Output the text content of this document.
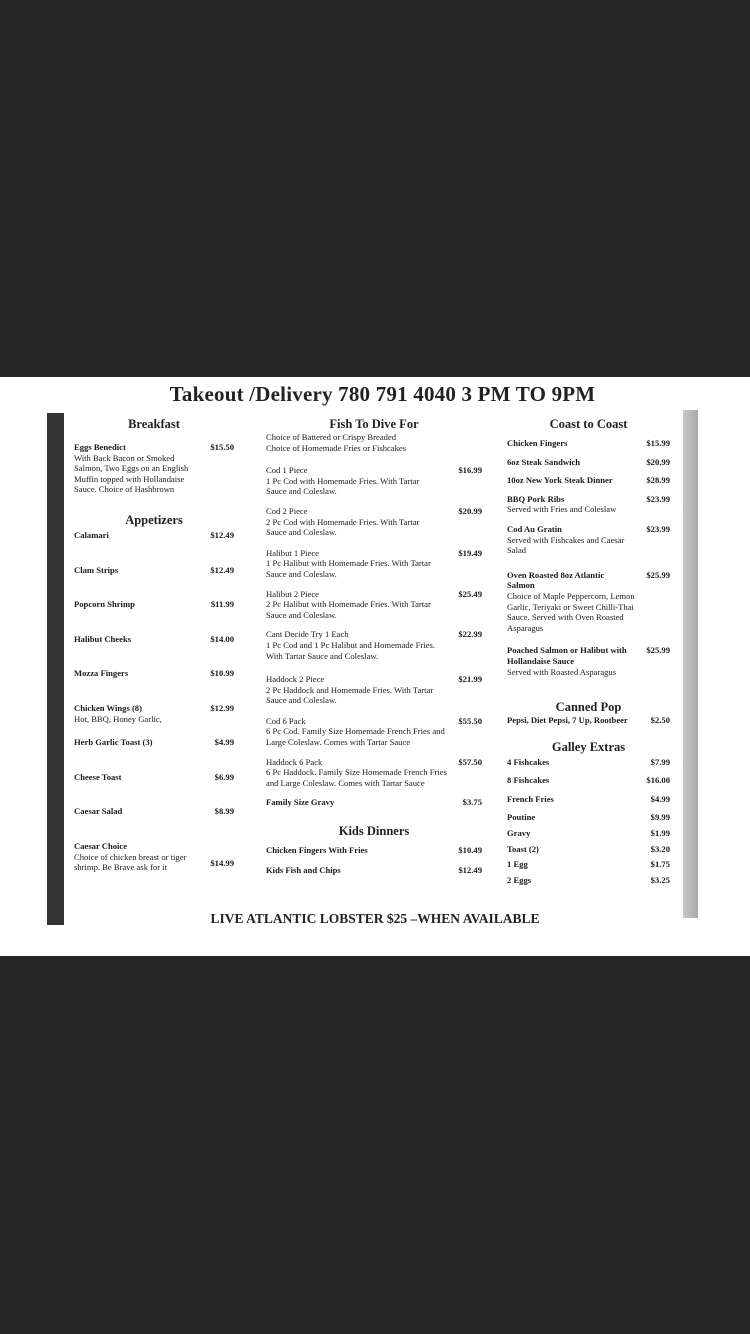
Takeout /Delivery 780 791 4040 3 PM TO 9PM
Breakfast
Eggs Benedict	$15.50
With Back Bacon or Smoked Salmon, Two Eggs on an English Muffin topped with Hollandaise Sauce. Choice of Hashbrown
Appetizers
Calamari	$12.49
Clam Strips	$12.49
Popcorn Shrimp	$11.99
Halibut Cheeks	$14.00
Mozza Fingers	$10.99
Chicken Wings (8)	$12.99
Hot, BBQ, Honey Garlic,
Herb Garlic Toast (3)	$4.99
Cheese Toast	$6.99
Caesar Salad	$8.99
Caesar Choice
$14.99
Choice of chicken breast or tiger shrimp. Be Brave ask for it
Fish To Dive For
Choice of Battered or Crispy Breaded
Choice of Homemade Fries or Fishcakes
Cod 1 Piece	$16.99
1 Pc Cod with Homemade Fries. With Tartar Sauce and Coleslaw.
Cod 2 Piece	$20.99
2 Pc Cod with Homemade Fries. With Tartar Sauce and Coleslaw.
Halibut 1 Piece	$19.49
1 Pc Halibut with Homemade Fries. With Tartar Sauce and Coleslaw.
Halibut 2 Piece	$25.49
2 Pc Halibut with Homemade Fries. With Tartar Sauce and Coleslaw.
Cant Decide Try 1 Each	$22.99
1 Pc Cod and 1 Pc Halibut and Homemade Fries. With Tartar Sauce and Coleslaw.
Haddock 2 Piece	$21.99
2 Pc Haddock and Homemade Fries. With Tartar Sauce and Coleslaw.
Cod 6 Pack	$55.50
6 Pc Cod. Family Size Homemade French Fries and Large Coleslaw. Comes with Tartar Sauce
Haddock 6 Pack	$57.50
6 Pc Haddock. Family Size Homemade French Fries and Large Coleslaw. Comes with Tartar Sauce
Family Size Gravy	$3.75
Kids Dinners
Chicken Fingers With Fries	$10.49
Kids Fish and Chips	$12.49
Coast to Coast
Chicken Fingers	$15.99
6oz Steak Sandwich	$20.99
10oz New York Steak Dinner	$28.99
BBQ Pork Ribs	$23.99
Served with Fries and Coleslaw
Cod Au Gratin	$23.99
Served with Fishcakes and Caesar Salad
Oven Roasted 8oz Atlantic Salmon
$25.99
Choice of Maple Peppercorn, Lemon Garlic, Teriyaki or Sweet Chilli-Thai Sauce. Served with Oven Roasted Asparagus
Poached Salmon or Halibut with Hollandaise Sauce
$25.99
Served with Roasted Asparagus
Canned Pop
Pepsi, Diet Pepsi, 7 Up, Rootbeer	$2.50
Galley Extras
4 Fishcakes	$7.99
8 Fishcakes	$16.00
French Fries	$4.99
Poutine	$9.99
Gravy	$1.99
Toast (2)	$3.20
1 Egg	$1.75
2 Eggs	$3.25
LIVE ATLANTIC LOBSTER $25 –WHEN AVAILABLE
